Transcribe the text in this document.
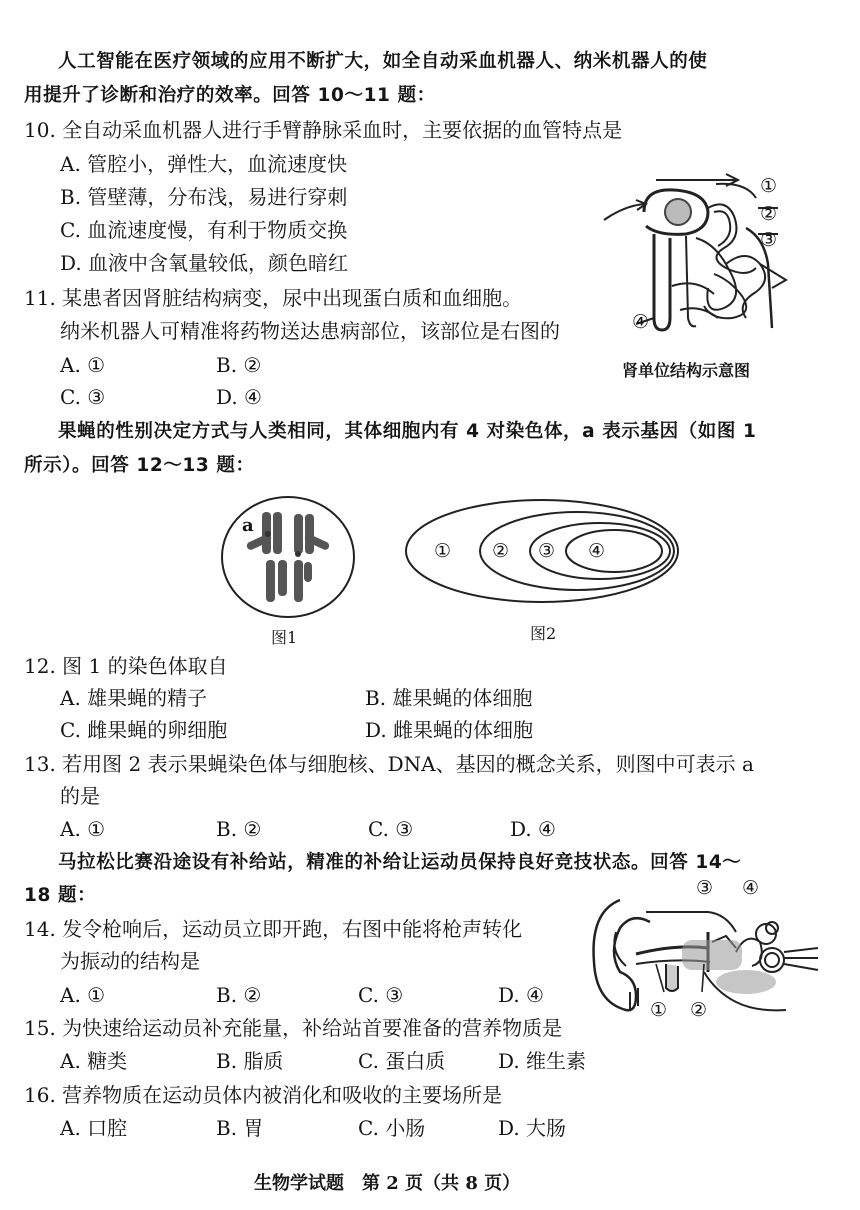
人工智能在医疗领域的应用不断扩大，如全自动采血机器人、纳米机器人的使
用提升了诊断和治疗的效率。回答 10～11 题：
10. 全自动采血机器人进行手臂静脉采血时，主要依据的血管特点是
A. 管腔小，弹性大，血流速度快
B. 管壁薄，分布浅，易进行穿刺
C. 血流速度慢，有利于物质交换
D. 血液中含氧量较低，颜色暗红
11. 某患者因肾脏结构病变，尿中出现蛋白质和血细胞。
纳米机器人可精准将药物送达患病部位，该部位是右图的
A. ①	B. ②
C. ③	D. ④
①
②
③
④
肾单位结构示意图
果蝇的性别决定方式与人类相同，其体细胞内有 4 对染色体，a 表示基因（如图 1
所示）。回答 12～13 题：
a
图1
① ② ③ ④
图2
12. 图 1 的染色体取自
A. 雄果蝇的精子	B. 雄果蝇的体细胞
C. 雌果蝇的卵细胞	D. 雌果蝇的体细胞
13. 若用图 2 表示果蝇染色体与细胞核、DNA、基因的概念关系，则图中可表示 a
的是
A. ①	B. ②	C. ③	D. ④
马拉松比赛沿途设有补给站，精准的补给让运动员保持良好竞技状态。回答 14～
18 题：
14. 发令枪响后，运动员立即开跑，右图中能将枪声转化
为振动的结构是
A. ①	B. ②	C. ③	D. ④
③ ④
① ②
15. 为快速给运动员补充能量，补给站首要准备的营养物质是
A. 糖类	B. 脂质	C. 蛋白质	D. 维生素
16. 营养物质在运动员体内被消化和吸收的主要场所是
A. 口腔	B. 胃	C. 小肠	D. 大肠
生物学试题　第 2 页（共 8 页）
